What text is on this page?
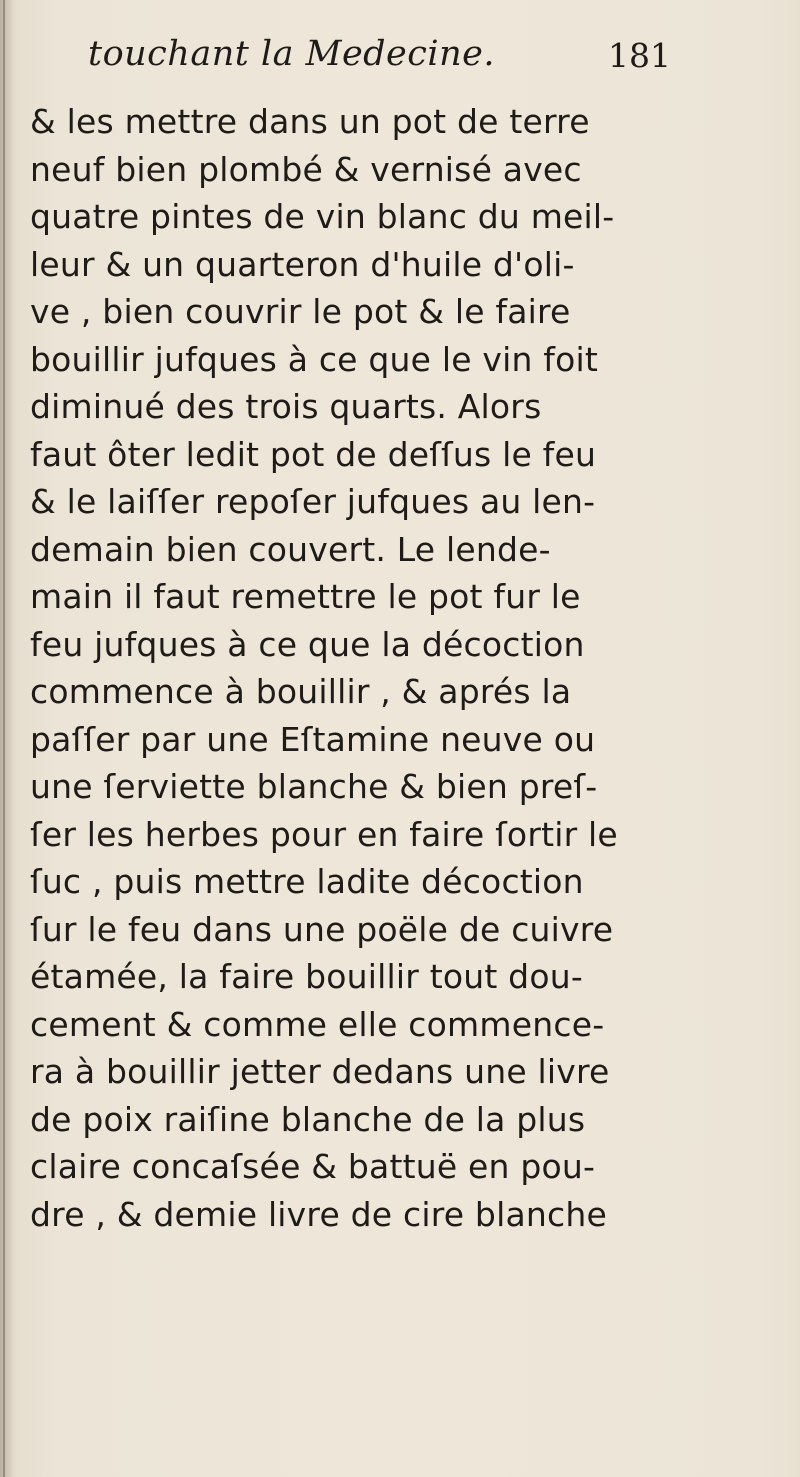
touchant la Medecine.	181
& les mettre dans un pot de terre
neuf bien plombé & vernisé avec
quatre pintes de vin blanc du meil-
leur & un quarteron d'huile d'oli-
ve , bien couvrir le pot & le faire
bouillir jufques à ce que le vin foit
diminué des trois quarts. Alors
faut ôter ledit pot de deſſus le feu
& le laiſſer repoſer jufques au len-
demain bien couvert. Le lende-
main il faut remettre le pot fur le
feu jufques à ce que la décoction
commence à bouillir , & aprés la
paſſer par une Eſtamine neuve ou
une ſerviette blanche & bien preſ-
ſer les herbes pour en faire ſortir le
ſuc , puis mettre ladite décoction
ſur le feu dans une poële de cuivre
étamée, la faire bouillir tout dou-
cement & comme elle commence-
ra à bouillir jetter dedans une livre
de poix raiſine blanche de la plus
claire concaſsée & battuë en pou-
dre , & demie livre de cire blanche
